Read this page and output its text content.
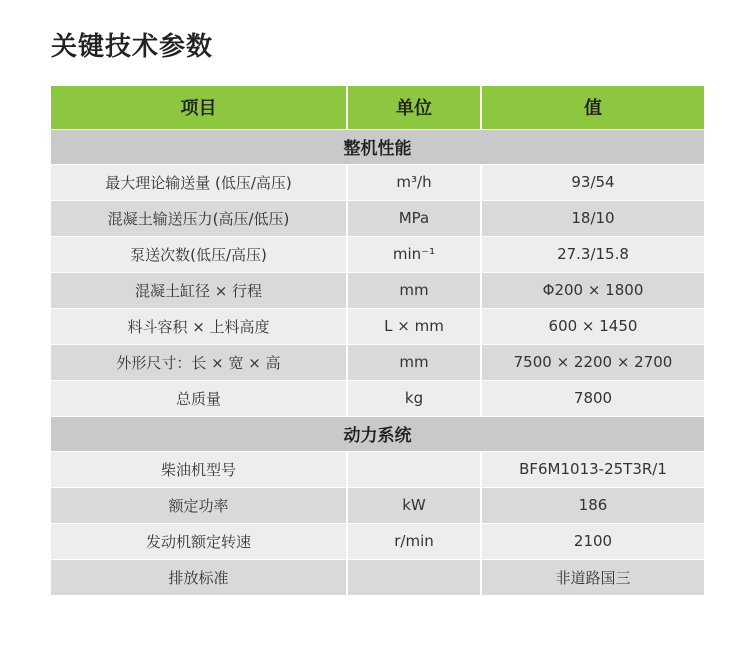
关键技术参数
项目	单位	值
整机性能		
最大理论输送量 (低压/高压)	m³/h	93/54
混凝土输送压力(高压/低压)	MPa	18/10
泵送次数(低压/高压)	min⁻¹	27.3/15.8
混凝土缸径 × 行程	mm	Φ200 × 1800
料斗容积 × 上料高度	L × mm	600 × 1450
外形尺寸：长 × 宽 × 高	mm	7500 × 2200 × 2700
总质量	kg	7800
动力系统		
柴油机型号		BF6M1013-25T3R/1
额定功率	kW	186
发动机额定转速	r/min	2100
排放标准		非道路国三
